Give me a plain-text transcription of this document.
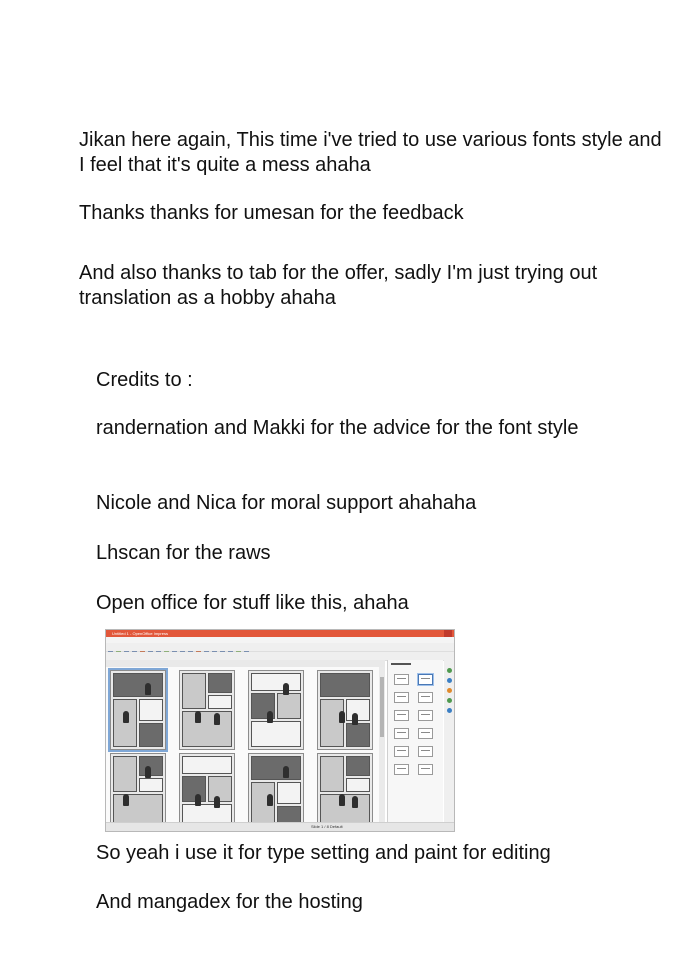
Jikan here again, This time i've tried to use various fonts style and I feel that it's quite a mess ahaha

Thanks thanks for umesan for the feedback

And also thanks to tab for the offer, sadly I'm just trying out translation as a hobby ahaha

Credits to :

randernation and Makki for the advice for the font style

Nicole and Nica for moral support ahahaha

Lhscan for the raws

Open office for stuff like this, ahaha

Untitled 1 - OpenOffice Impress
Slide 1 / 8 Default

So yeah i use it for type setting and paint for editing

And mangadex for the hosting
